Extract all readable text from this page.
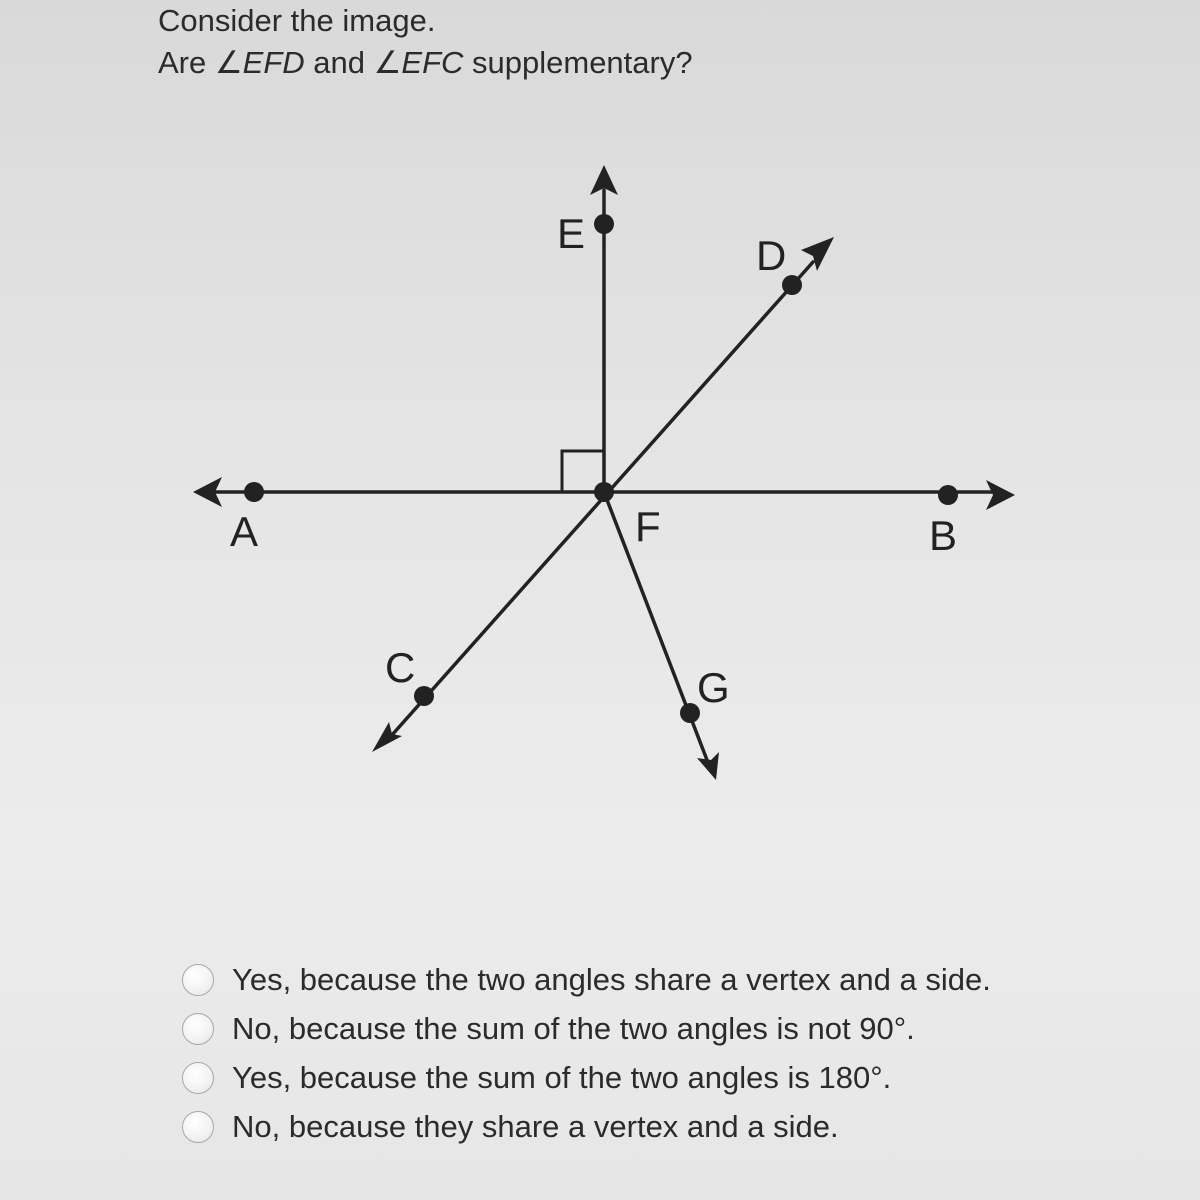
Consider the image.
Are ∠EFD and ∠EFC supplementary?
E	D
A	F	B
C	G
Yes, because the two angles share a vertex and a side.
No, because the sum of the two angles is not 90°.
Yes, because the sum of the two angles is 180°.
No, because they share a vertex and a side.
